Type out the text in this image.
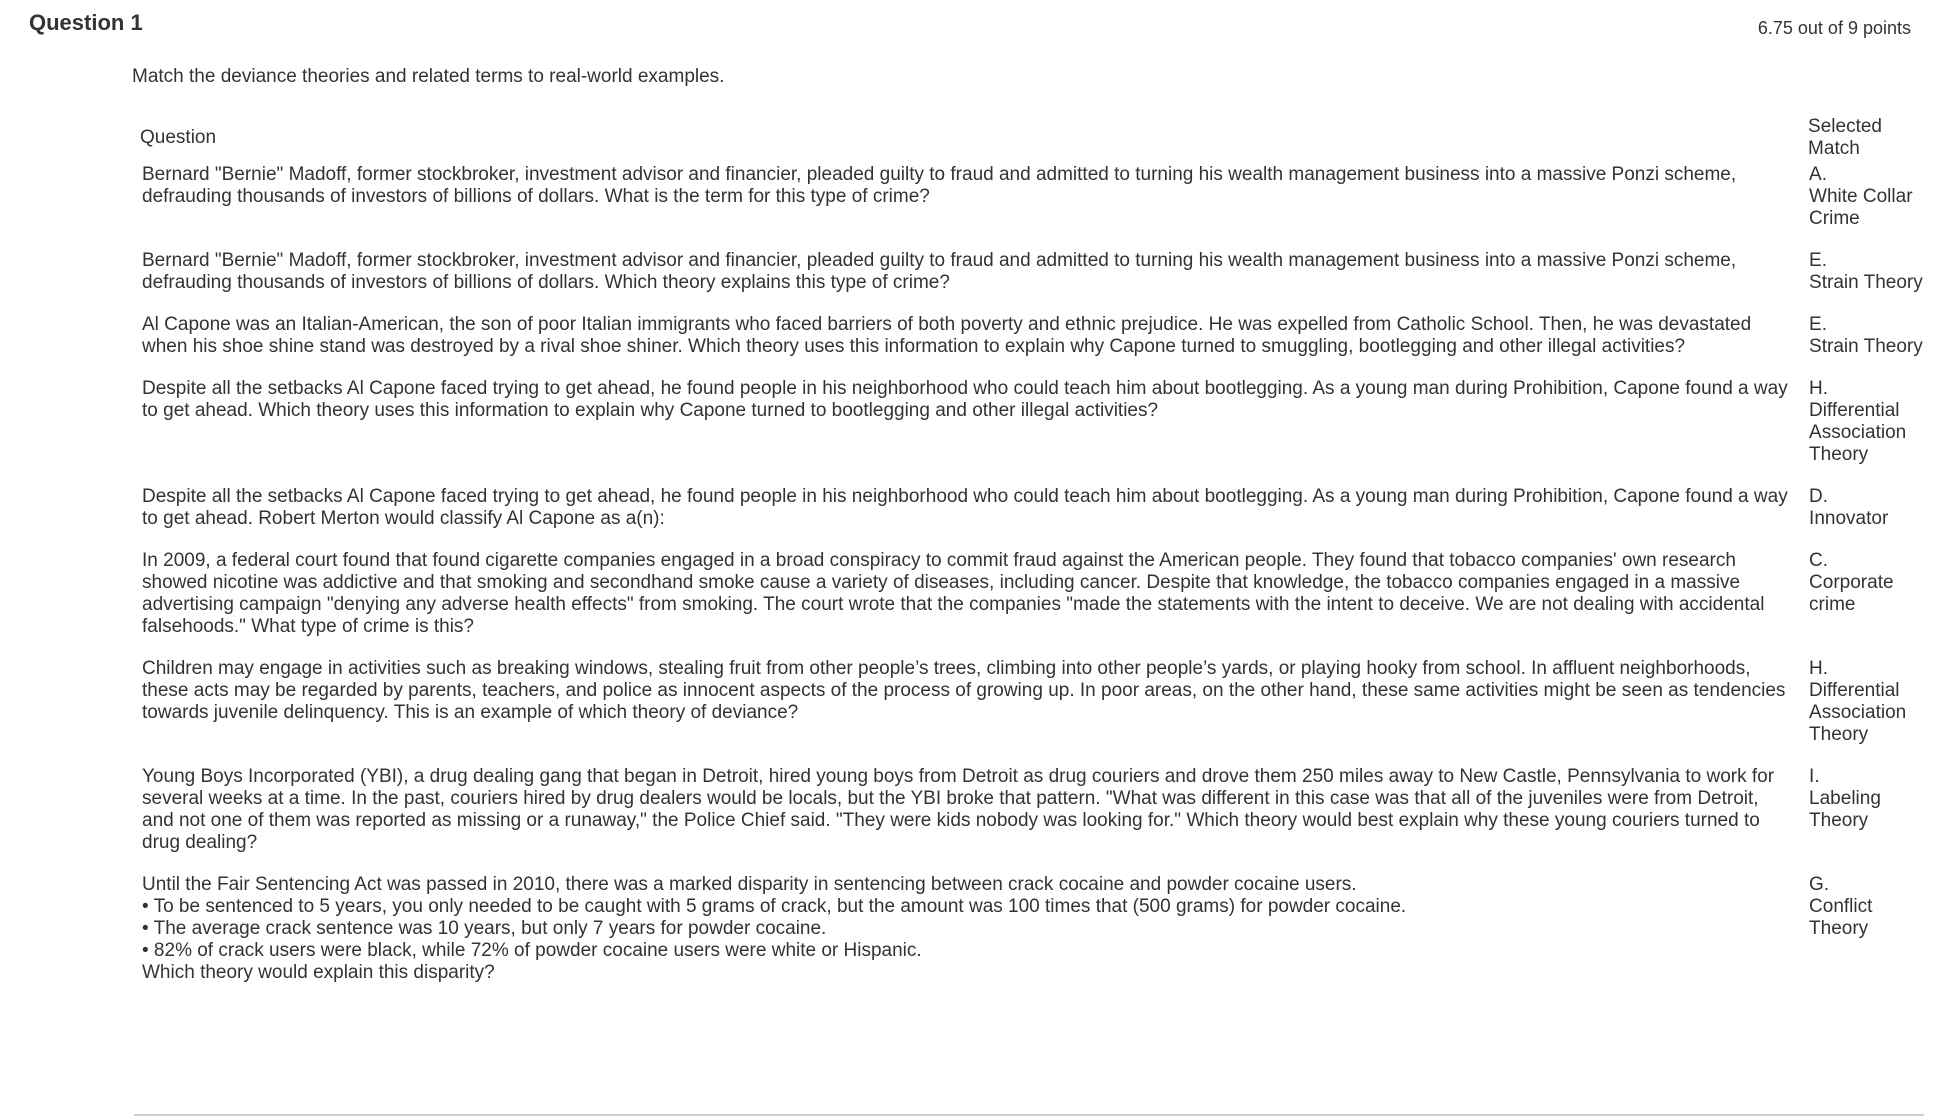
Question 1	6.75 out of 9 points
Match the deviance theories and related terms to real-world examples.
Question	Selected Match
Bernard "Bernie" Madoff, former stockbroker, investment advisor and financier, pleaded guilty to fraud and admitted to turning his wealth management business into a massive Ponzi scheme, defrauding thousands of investors of billions of dollars. What is the term for this type of crime?	A.
White Collar Crime

Bernard "Bernie" Madoff, former stockbroker, investment advisor and financier, pleaded guilty to fraud and admitted to turning his wealth management business into a massive Ponzi scheme, defrauding thousands of investors of billions of dollars. Which theory explains this type of crime?	E.
Strain Theory

Al Capone was an Italian-American, the son of poor Italian immigrants who faced barriers of both poverty and ethnic prejudice. He was expelled from Catholic School. Then, he was devastated when his shoe shine stand was destroyed by a rival shoe shiner. Which theory uses this information to explain why Capone turned to smuggling, bootlegging and other illegal activities?	E.
Strain Theory

Despite all the setbacks Al Capone faced trying to get ahead, he found people in his neighborhood who could teach him about bootlegging. As a young man during Prohibition, Capone found a way to get ahead. Which theory uses this information to explain why Capone turned to bootlegging and other illegal activities?	H.
Differential Association Theory

Despite all the setbacks Al Capone faced trying to get ahead, he found people in his neighborhood who could teach him about bootlegging. As a young man during Prohibition, Capone found a way to get ahead. Robert Merton would classify Al Capone as a(n):	D.
Innovator

In 2009, a federal court found that found cigarette companies engaged in a broad conspiracy to commit fraud against the American people. They found that tobacco companies' own research showed nicotine was addictive and that smoking and secondhand smoke cause a variety of diseases, including cancer. Despite that knowledge, the tobacco companies engaged in a massive advertising campaign "denying any adverse health effects" from smoking. The court wrote that the companies "made the statements with the intent to deceive. We are not dealing with accidental falsehoods." What type of crime is this?	C.
Corporate crime

Children may engage in activities such as breaking windows, stealing fruit from other people’s trees, climbing into other people’s yards, or playing hooky from school. In affluent neighborhoods, these acts may be regarded by parents, teachers, and police as innocent aspects of the process of growing up. In poor areas, on the other hand, these same activities might be seen as tendencies towards juvenile delinquency. This is an example of which theory of deviance?	H.
Differential Association Theory

Young Boys Incorporated (YBI), a drug dealing gang that began in Detroit, hired young boys from Detroit as drug couriers and drove them 250 miles away to New Castle, Pennsylvania to work for several weeks at a time. In the past, couriers hired by drug dealers would be locals, but the YBI broke that pattern. "What was different in this case was that all of the juveniles were from Detroit, and not one of them was reported as missing or a runaway," the Police Chief said. "They were kids nobody was looking for." Which theory would best explain why these young couriers turned to drug dealing?	I.
Labeling Theory

Until the Fair Sentencing Act was passed in 2010, there was a marked disparity in sentencing between crack cocaine and powder cocaine users.
• To be sentenced to 5 years, you only needed to be caught with 5 grams of crack, but the amount was 100 times that (500 grams) for powder cocaine.
• The average crack sentence was 10 years, but only 7 years for powder cocaine.
• 82% of crack users were black, while 72% of powder cocaine users were white or Hispanic.
Which theory would explain this disparity?	G.
Conflict Theory
